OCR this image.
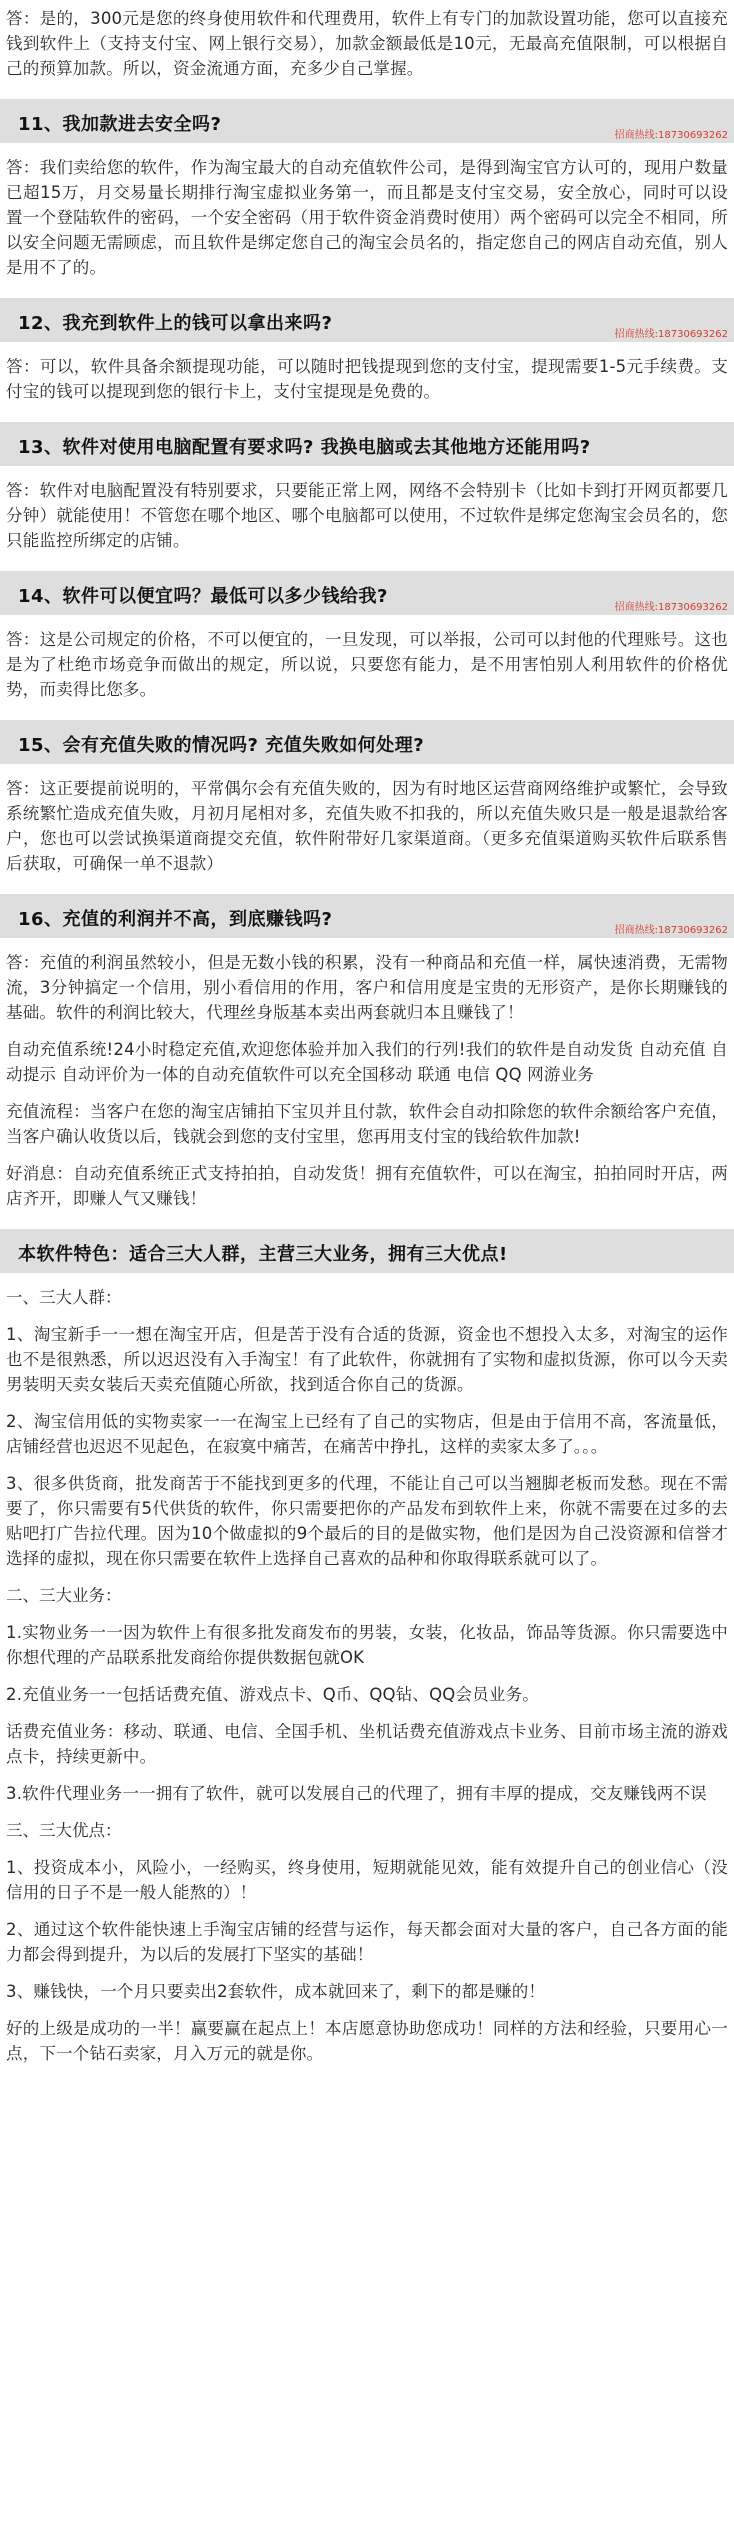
答：是的，300元是您的终身使用软件和代理费用，软件上有专门的加款设置功能，您可以直接充钱到软件上（支持支付宝、网上银行交易），加款金额最低是10元，无最高充值限制，可以根据自己的预算加款。所以，资金流通方面，充多少自己掌握。

11、我加款进去安全吗?
招商热线:18730693262

答：我们卖给您的软件，作为淘宝最大的自动充值软件公司，是得到淘宝官方认可的，现用户数量已超15万，月交易量长期排行淘宝虚拟业务第一，而且都是支付宝交易，安全放心，同时可以设置一个登陆软件的密码，一个安全密码（用于软件资金消费时使用）两个密码可以完全不相同，所以安全问题无需顾虑，而且软件是绑定您自己的淘宝会员名的，指定您自己的网店自动充值，别人是用不了的。

12、我充到软件上的钱可以拿出来吗?
招商热线:18730693262

答：可以，软件具备余额提现功能，可以随时把钱提现到您的支付宝，提现需要1-5元手续费。支付宝的钱可以提现到您的银行卡上，支付宝提现是免费的。

13、软件对使用电脑配置有要求吗? 我换电脑或去其他地方还能用吗?

答：软件对电脑配置没有特别要求，只要能正常上网，网络不会特别卡（比如卡到打开网页都要几分钟）就能使用！不管您在哪个地区、哪个电脑都可以使用，不过软件是绑定您淘宝会员名的，您只能监控所绑定的店铺。

14、软件可以便宜吗？最低可以多少钱给我?
招商热线:18730693262

答：这是公司规定的价格，不可以便宜的，一旦发现，可以举报，公司可以封他的代理账号。这也是为了杜绝市场竞争而做出的规定，所以说，只要您有能力，是不用害怕别人利用软件的价格优势，而卖得比您多。

15、会有充值失败的情况吗? 充值失败如何处理?

答：这正要提前说明的，平常偶尔会有充值失败的，因为有时地区运营商网络维护或繁忙，会导致系统繁忙造成充值失败，月初月尾相对多，充值失败不扣我的，所以充值失败只是一般是退款给客户，您也可以尝试换渠道商提交充值，软件附带好几家渠道商。（更多充值渠道购买软件后联系售后获取，可确保一单不退款）

16、充值的利润并不高，到底赚钱吗?
招商热线:18730693262

答：充值的利润虽然较小，但是无数小钱的积累，没有一种商品和充值一样，属快速消费，无需物流，3分钟搞定一个信用，别小看信用的作用，客户和信用度是宝贵的无形资产，是你长期赚钱的基础。软件的利润比较大，代理丝身版基本卖出两套就归本且赚钱了！

自动充值系统!24小时稳定充值,欢迎您体验并加入我们的行列!我们的软件是自动发货 自动充值 自动提示 自动评价为一体的自动充值软件可以充全国移动 联通 电信 QQ 网游业务

充值流程：当客户在您的淘宝店铺拍下宝贝并且付款，软件会自动扣除您的软件余额给客户充值，当客户确认收货以后，钱就会到您的支付宝里，您再用支付宝的钱给软件加款!

好消息：自动充值系统正式支持拍拍，自动发货！拥有充值软件，可以在淘宝，拍拍同时开店，两店齐开，即赚人气又赚钱！

本软件特色：适合三大人群，主营三大业务，拥有三大优点!

一、三大人群：

1、淘宝新手一一想在淘宝开店，但是苦于没有合适的货源，资金也不想投入太多，对淘宝的运作也不是很熟悉，所以迟迟没有入手淘宝！有了此软件，你就拥有了实物和虚拟货源，你可以今天卖男装明天卖女装后天卖充值随心所欲，找到适合你自己的货源。

2、淘宝信用低的实物卖家一一在淘宝上已经有了自己的实物店，但是由于信用不高，客流量低，店铺经营也迟迟不见起色，在寂寞中痛苦，在痛苦中挣扎，这样的卖家太多了。。。

3、很多供货商，批发商苦于不能找到更多的代理，不能让自己可以当翘脚老板而发愁。现在不需要了，你只需要有5代供货的软件，你只需要把你的产品发布到软件上来，你就不需要在过多的去贴吧打广告拉代理。因为10个做虚拟的9个最后的目的是做实物，他们是因为自己没资源和信誉才选择的虚拟，现在你只需要在软件上选择自己喜欢的品种和你取得联系就可以了。

二、三大业务：

1.实物业务一一因为软件上有很多批发商发布的男装，女装，化妆品，饰品等货源。你只需要选中你想代理的产品联系批发商给你提供数据包就OK

2.充值业务一一包括话费充值、游戏点卡、Q币、QQ钻、QQ会员业务。

话费充值业务：移动、联通、电信、全国手机、坐机话费充值游戏点卡业务、目前市场主流的游戏点卡，持续更新中。

3.软件代理业务一一拥有了软件，就可以发展自己的代理了，拥有丰厚的提成，交友赚钱两不误

三、三大优点：

1、投资成本小，风险小，一经购买，终身使用，短期就能见效，能有效提升自己的创业信心（没信用的日子不是一般人能熬的）！

2、通过这个软件能快速上手淘宝店铺的经营与运作，每天都会面对大量的客户，自己各方面的能力都会得到提升，为以后的发展打下坚实的基础！

3、赚钱快，一个月只要卖出2套软件，成本就回来了，剩下的都是赚的！

好的上级是成功的一半！赢要赢在起点上！本店愿意协助您成功！同样的方法和经验，只要用心一点，下一个钻石卖家，月入万元的就是你。
